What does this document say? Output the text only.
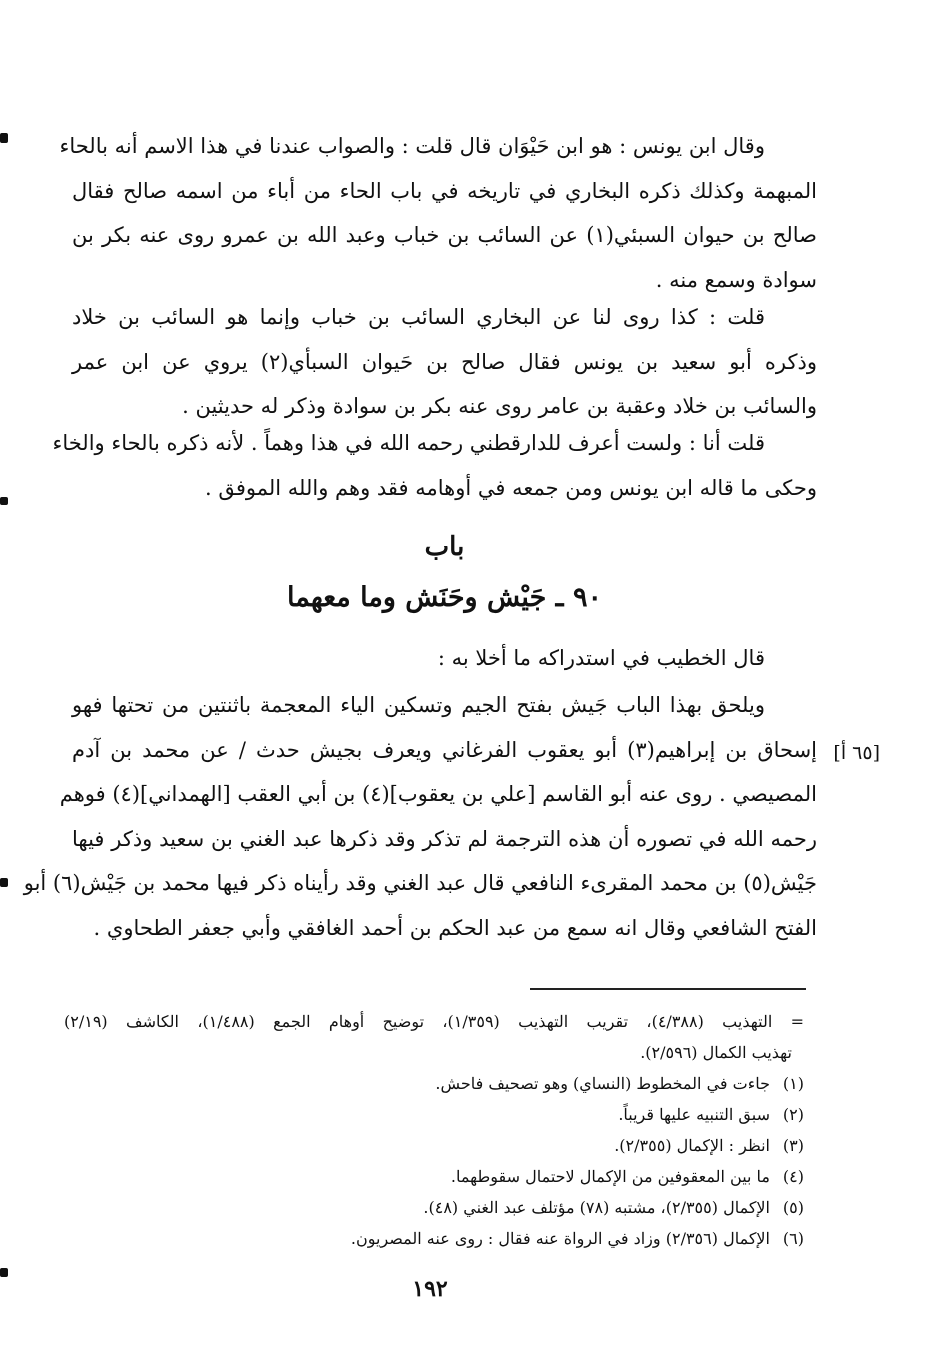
وقال ابن يونس : هو ابن حَيْوَان قال قلت : والصواب عندنا في هذا الاسم أنه بالحاء
المبهمة وكذلك ذكره البخاري في تاريخه في باب الحاء من أباء من اسمه صالح فقال
صالح بن حيوان السبئي(١) عن السائب بن خباب وعبد الله بن عمرو روى عنه بكر بن
سوادة وسمع منه .
قلت : كذا روى لنا عن البخاري السائب بن خباب وإنما هو السائب بن خلاد
وذكره أبو سعيد بن يونس فقال صالح بن حَيوان السبأي(٢) يروي عن ابن عمر
والسائب بن خلاد وعقبة بن عامر روى عنه بكر بن سوادة وذكر له حديثين .
قلت أنا : ولست أعرف للدارقطني رحمه الله في هذا وهماً . لأنه ذكره بالحاء والخاء
وحكى ما قاله ابن يونس ومن جمعه في أوهامه فقد وهم والله الموفق .
باب
٩٠ ـ جَيْش وحَنَش وما معهما
قال الخطيب في استدراكه ما أخلا به :
ويلحق بهذا الباب جَيش بفتح الجيم وتسكين الياء المعجمة باثنتين من تحتها فهو
إسحاق بن إبراهيم(٣) أبو يعقوب الفرغاني ويعرف بجيش حدث / عن محمد بن آدم
المصيصي . روى عنه أبو القاسم [علي بن يعقوب](٤) بن أبي العقب [الهمداني](٤) فوهم
رحمه الله في تصوره أن هذه الترجمة لم تذكر وقد ذكرها عبد الغني بن سعيد وذكر فيها
جَيْش(٥) بن محمد المقرىء النافعي قال عبد الغني وقد رأيناه ذكر فيها محمد بن جَيْش(٦) أبو
الفتح الشافعي وقال انه سمع من عبد الحكم بن أحمد الغافقي وأبي جعفر الطحاوي .
[٦٥ أ]
= التهذيب (٤/٣٨٨)، تقريب التهذيب (١/٣٥٩)، توضيح أوهام الجمع (١/٤٨٨)، الكاشف (٢/١٩)
تهذيب الكمال (٢/٥٩٦).
(١)جاءت في المخطوط (النساي) وهو تصحيف فاحش.
(٢)سبق التنبيه عليها قريباً.
(٣)انظر : الإكمال (٢/٣٥٥).
(٤)ما بين المعقوفين من الإكمال لاحتمال سقوطهما.
(٥)الإكمال (٢/٣٥٥)، مشتبه (٧٨) مؤتلف عبد الغني (٤٨).
(٦)الإكمال (٢/٣٥٦) وزاد في الرواة عنه فقال : روى عنه المصريون.
١٩٢
